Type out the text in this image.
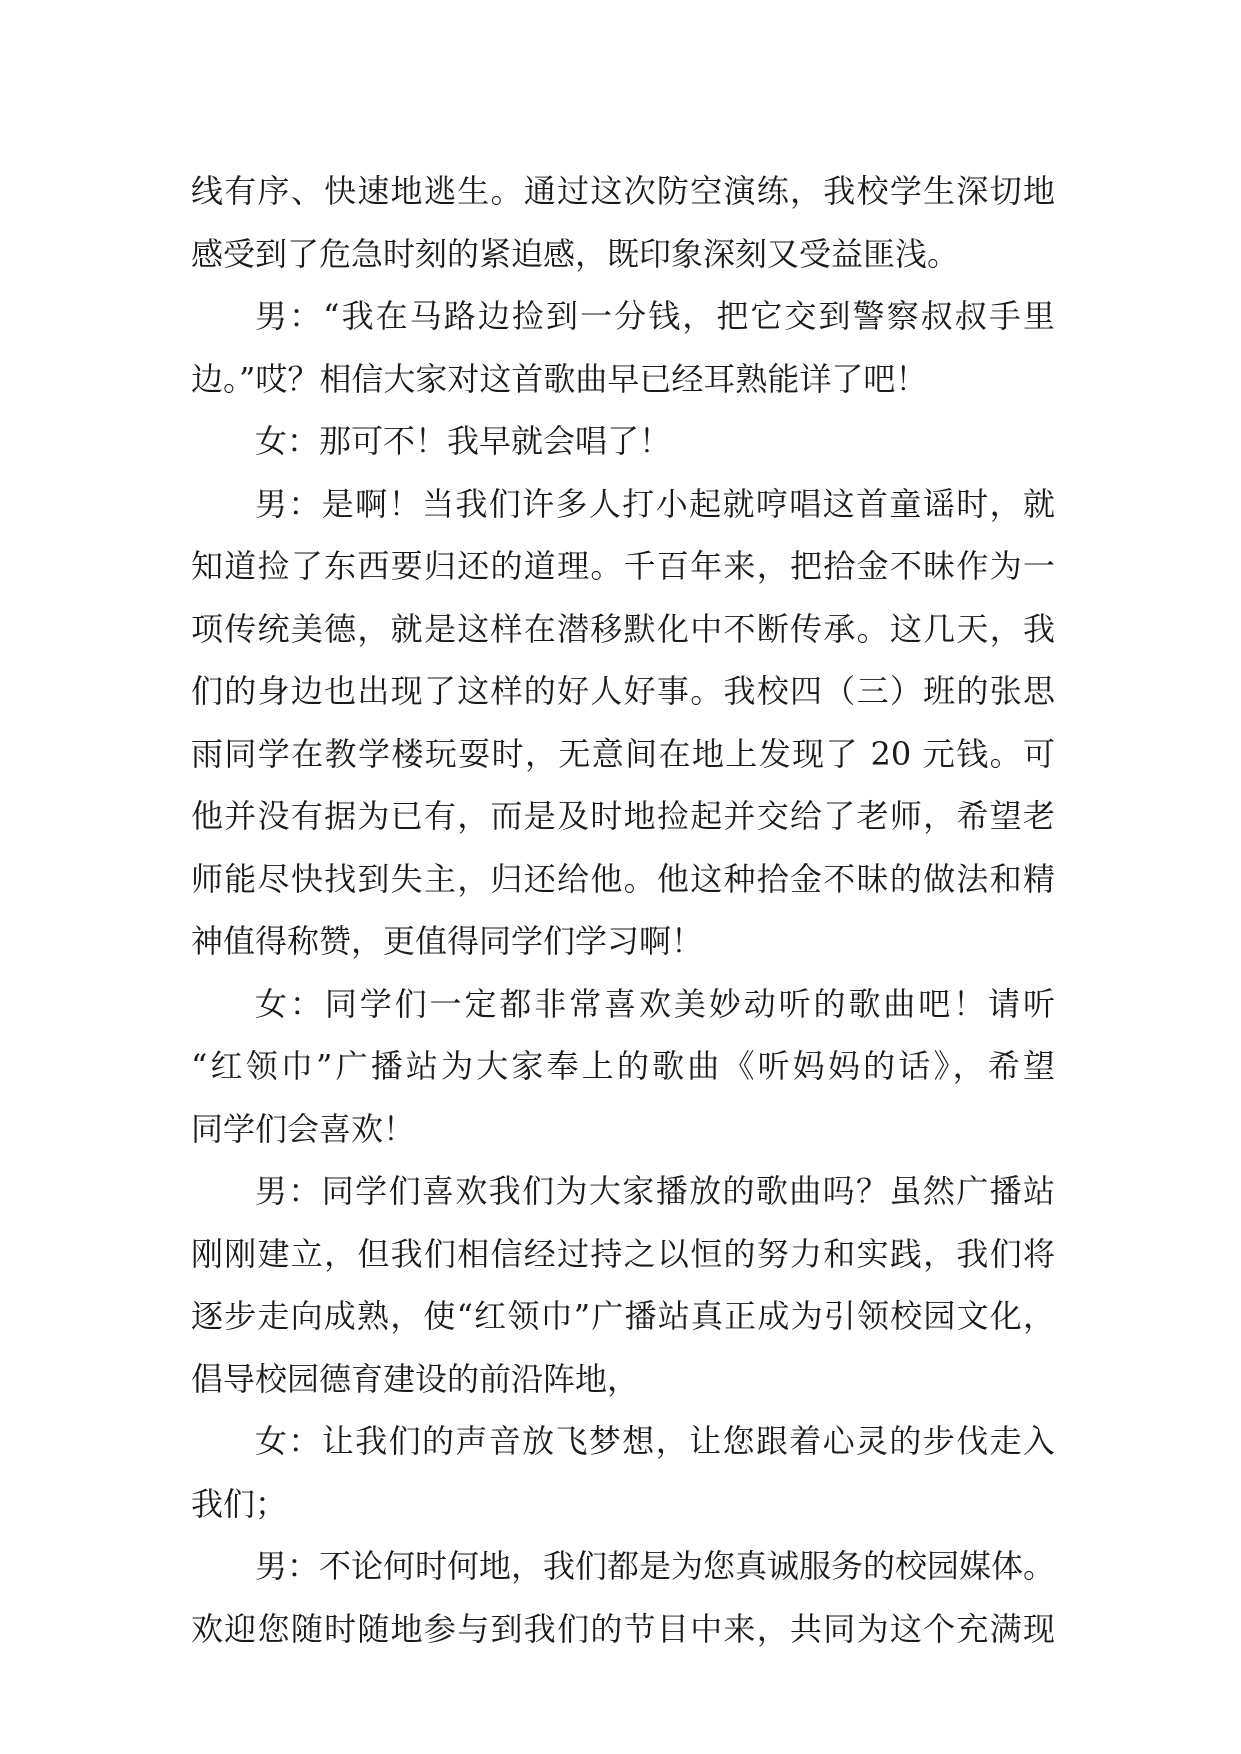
线有序、快速地逃生。通过这次防空演练，我校学生深切地
感受到了危急时刻的紧迫感，既印象深刻又受益匪浅。
男：“我在马路边捡到一分钱，把它交到警察叔叔手里
边。”哎？相信大家对这首歌曲早已经耳熟能详了吧！
女：那可不！我早就会唱了！
男：是啊！当我们许多人打小起就哼唱这首童谣时，就
知道捡了东西要归还的道理。千百年来，把拾金不昧作为一
项传统美德，就是这样在潜移默化中不断传承。这几天，我
们的身边也出现了这样的好人好事。我校四（三）班的张思
雨同学在教学楼玩耍时，无意间在地上发现了 20 元钱。可
他并没有据为已有，而是及时地捡起并交给了老师，希望老
师能尽快找到失主，归还给他。他这种拾金不昧的做法和精
神值得称赞，更值得同学们学习啊！
女：同学们一定都非常喜欢美妙动听的歌曲吧！请听
“红领巾”广播站为大家奉上的歌曲《听妈妈的话》，希望
同学们会喜欢！
男：同学们喜欢我们为大家播放的歌曲吗？虽然广播站
刚刚建立，但我们相信经过持之以恒的努力和实践，我们将
逐步走向成熟，使“红领巾”广播站真正成为引领校园文化，
倡导校园德育建设的前沿阵地，
女：让我们的声音放飞梦想，让您跟着心灵的步伐走入
我们；
男：不论何时何地，我们都是为您真诚服务的校园媒体。
欢迎您随时随地参与到我们的节目中来，共同为这个充满现
